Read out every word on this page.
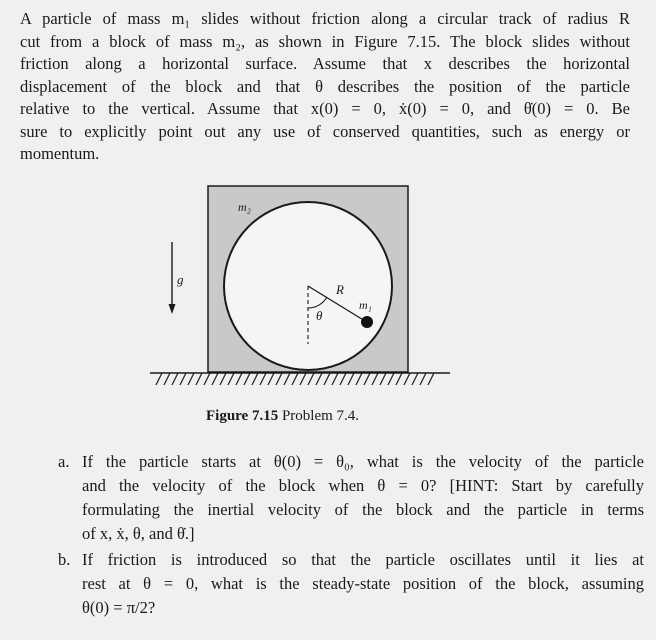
A particle of mass m₁ slides without friction along a circular track of radius R
cut from a block of mass m₂, as shown in Figure 7.15. The block slides without
friction along a horizontal surface. Assume that x describes the horizontal
displacement of the block and that θ describes the position of the particle
relative to the vertical. Assume that x(0) = 0, ẋ(0) = 0, and θ̇(0) = 0. Be
sure to explicitly point out any use of conserved quantities, such as energy or
momentum.
g
m₂
R
θ
m₁
Figure 7.15 Problem 7.4.
a. If the particle starts at θ(0) = θ₀, what is the velocity of the particle
and the velocity of the block when θ = 0? [HINT: Start by carefully
formulating the inertial velocity of the block and the particle in terms
of x, ẋ, θ, and θ̇.]
b. If friction is introduced so that the particle oscillates until it lies at
rest at θ = 0, what is the steady-state position of the block, assuming
θ(0) = π/2?
